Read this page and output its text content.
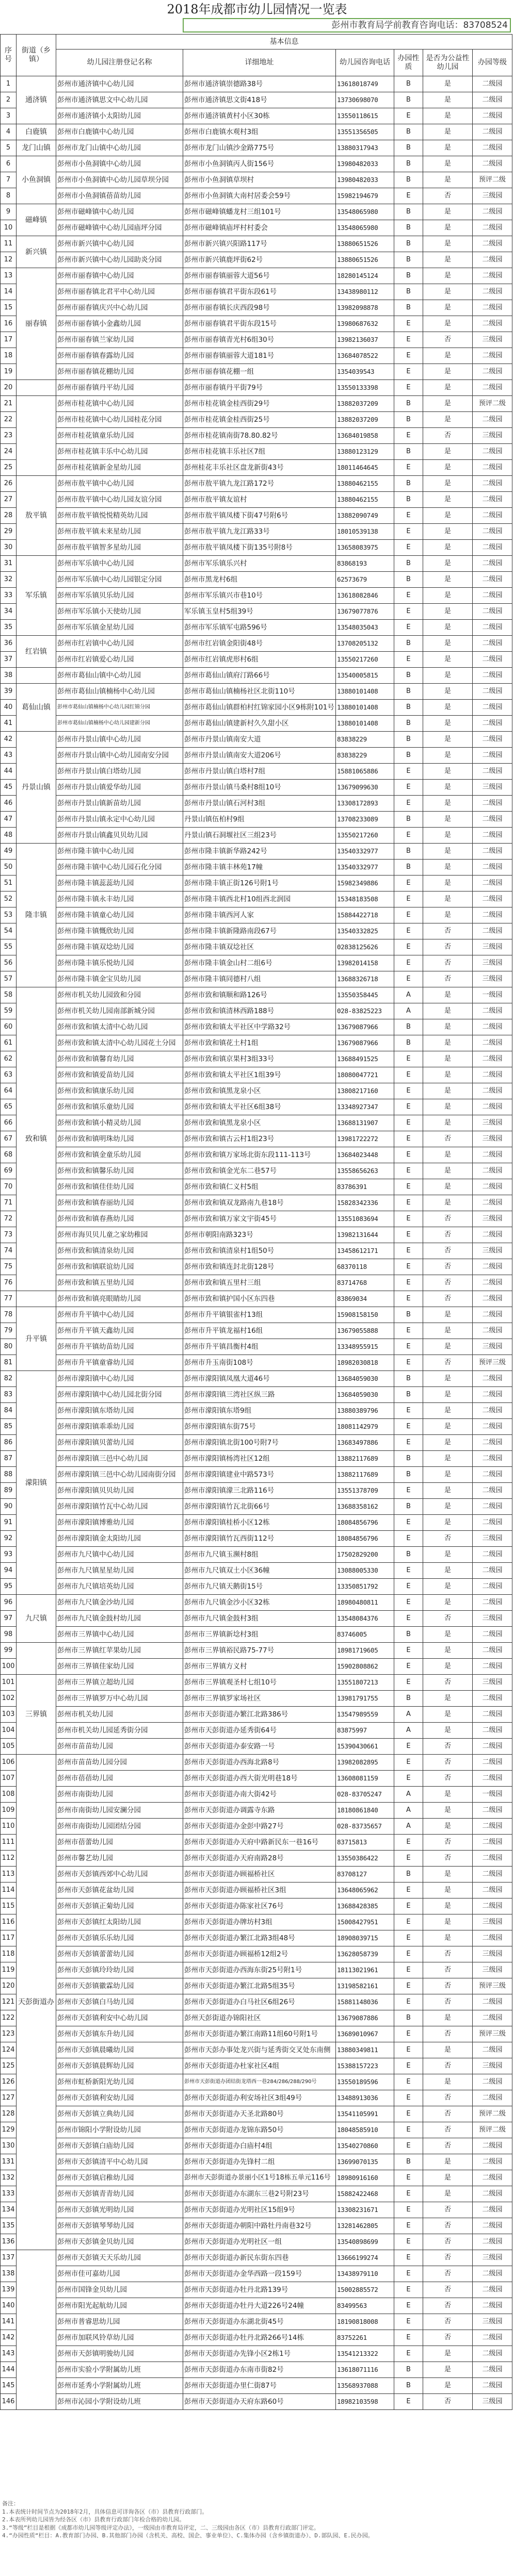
2018年成都市幼儿园情况一览表
彭州市教育局学前教育咨询电话：83708524
序号	街道（乡镇）	基本信息					
		幼儿园注册登记名称	详细地址	幼儿园咨询电话	办园性质	是否为公益性幼儿园	办园等级
1	通济镇	彭州市通济镇中心幼儿园	彭州市通济镇崇德路38号	13618018749	B	是	二级园
2		彭州市通济镇思文中心幼儿园	彭州市通济镇思文街418号	13730698070	B	是	二级园
3		彭州市通济镇小太阳幼儿园	彭州市通济镇黄村小区30栋	13550118615	E	是	二级园
4	白鹿镇	彭州市白鹿镇中心幼儿园	彭州市白鹿镇水观村3组	13551356505	B	是	二级园
5	龙门山镇	彭州市龙门山镇中心幼儿园	彭州市龙门山镇沙金路775号	13880317943	B	是	二级园
6	小鱼洞镇	彭州市小鱼洞镇中心幼儿园	彭州市小鱼洞镇丙人街156号	13980482033	B	是	二级园
7		彭州市小鱼洞镇中心幼儿园草坝分园	彭州市小鱼洞镇草坝村	13980482033	B	是	预评二级
8		彭州市小鱼洞镇蓓苗幼儿园	彭州市小鱼洞镇大南村居委会59号	15982194679	E	否	三级园
9	磁峰镇	彭州市磁峰镇中心幼儿园	彭州市磁峰镇蟠龙村三组101号	13548065980	B	是	二级园
10		彭州市磁峰镇中心幼儿园庙坪分园	彭州市磁峰镇庙坪村村委会	13548065980	B	是	二级园
11	新兴镇	彭州市新兴镇中心幼儿园	彭州市新兴镇兴阳路117号	13880651526	B	是	二级园
12		彭州市新兴镇中心幼儿园助炎分园	彭州市新兴镇鹿坪街62号	13880651526	B	是	二级园
13	丽春镇	彭州市丽春镇中心幼儿园	彭州市丽春镇丽蓉大道56号	18280145124	B	是	二级园
14		彭州市丽春镇北君平中心幼儿园	彭州市丽春镇君平街东段61号	13438980112	B	是	二级园
15		彭州市丽春镇庆兴中心幼儿园	彭州市丽春镇长庆西段98号	13982098878	B	是	二级园
16		彭州市丽春镇小金鑫幼儿园	彭州市丽春镇君平街东段15号	13980687632	E	是	二级园
17		彭州市丽春镇兰家幼儿园	彭州市丽春镇青光村6组30号	13982136037	E	否	三级园
18		彭州市丽春镇春露幼儿园	彭州市丽春镇丽蓉大道181号	13684078522	E	是	二级园
19		彭州市丽春镇花棚幼儿园	彭州市丽春镇花棚一组	1354039543	E	是	二级园
20		彭州市丽春镇丹平幼儿园	彭州市丽春镇丹平街79号	13550133398	E	是	二级园
21		彭州市桂花镇中心幼儿园	彭州市桂花镇金桂西街29号	13882037209	B	是	预评二级
22		彭州市桂花镇中心幼儿园桂花分园	彭州市桂花镇金桂西街25号	13882037209	B	是	二级园
23		彭州市桂花镇童乐幼儿园	彭州市桂花镇南街78.80.82号	13684019858	E	否	三级园
24		彭州市桂花镇丰乐中心幼儿园	彭州市桂花镇丰乐社区7组	13880123129	B	是	二级园
25		彭州市桂花镇新金星幼儿园	彭州桂花丰乐社区盘龙新街43号	18011464645	E	是	二级园
26	敖平镇	彭州市敖平镇中心幼儿园	彭州市敖平镇九龙江路172号	13880462155	B	是	二级园
27		彭州市敖平镇中心幼儿园友谊分园	彭州市敖平镇友谊村	13880462155	B	是	二级园
28		彭州市敖平镇悦悦精英幼儿园	彭州市敖平镇凤楼下街47号附6号	13882090749	E	是	二级园
29		彭州市敖平镇未来星幼儿园	彭州市敖平镇九龙江路33号	18010539138	E	是	二级园
30		彭州市敖平镇智多星幼儿园	彭州市敖平镇凤楼下街135号附8号	13658083975	E	是	二级园
31	军乐镇	彭州市军乐镇中心幼儿园	彭州市军乐镇乐兴村	83868193	B	是	二级园
32		彭州市军乐镇中心幼儿园银定分园	彭州市黑龙村6组	62573679	B	是	二级园
33		彭州市军乐镇贝乐幼儿园	彭州市军乐镇兴市巷10号	13618082846	E	是	二级园
34		彭州市军乐镇小天使幼儿园	军乐镇玉皇村5组39号	13679077876	E	是	二级园
35		彭州市军乐镇金星幼儿园	彭州市军乐镇军屯路596号	13548035043	E	是	二级园
36	红岩镇	彭州市红岩镇中心幼儿园	彭州市红岩镇金阳街48号	13708205132	B	是	二级园
37		彭州市红岩镇爱心幼儿园	彭州市红岩镇虎形村6组	13550217260	E	是	二级园
38		彭州市葛仙山镇中心幼儿园	彭州市葛仙山镇府汀路66号	13540005815	B	是	二级园
39	葛仙山镇	彭州市葛仙山镇楠杨中心幼儿园	彭州市葛仙山镇楠杨社区北街110号	13880101408	B	是	二级园
40		彭州市葛仙山镇楠杨中心幼儿园红锦分园	彭州市葛仙山镇群柏村红锦家园小区9栋附101号	13880101408	B	是	二级园
41		彭州市葛仙山镇楠杨中心幼儿园建新分园	彭州市葛仙山镇建新村久久甜小区	13880101408	B	是	二级园
42	丹景山镇	彭州市丹景山镇中心幼儿园	彭州市丹景山镇南安大道	83838229	B	是	二级园
43		彭州市丹景山镇中心幼儿园南安分园	彭州市丹景山镇南安大道206号	83838229	B	是	二级园
44		彭州市丹景山镇白塔幼儿园	彭州市丹景山镇白塔村7组	15881065886	E	是	二级园
45		彭州市丹景山镇爱华幼儿园	彭州市丹景山镇马桑村8组10号	13679099630	E	是	三级园
46		彭州市丹景山镇新苗幼儿园	彭州市丹景山镇石河村3组	13308172893	E	是	二级园
47		彭州市丹景山镇永定中心幼儿园	丹景山镇伍柏村9组	13708233089	B	是	二级园
48		彭州市丹景山镇鑫贝贝幼儿园	丹景山镇石洞堰社区三组23号	13550217260	E	是	二级园
49	隆丰镇	彭州市隆丰镇中心幼儿园	彭州市隆丰镇新华路242号	13540332977	B	是	二级园
50		彭州市隆丰镇中心幼儿园石化分园	彭州市隆丰镇丰林苑17幢	13540332977	B	是	二级园
51		彭州市隆丰镇蕊蕊幼儿园	彭州市隆丰镇正街126号附1号	15982349886	E	是	二级园
52		彭州市隆丰镇永丰幼儿园	彭州市隆丰镇西北村10组西北润园	15348183508	E	是	二级园
53		彭州市隆丰镇童心幼儿园	彭州市隆丰镇西河人家	15884422718	E	是	二级园
54		彭州市隆丰镇慨欣幼儿园	彭州市隆丰镇新隆路南段67号	13540332825	E	否	二级园
55		彭州市隆丰镇双埝幼儿园	彭州市隆丰镇双埝社区	02838125626	E	否	三级园
56		彭州市隆丰镇乐悦幼儿园	彭州市隆丰镇金山村二组6号	13982014158	E	否	三级园
57		彭州市隆丰镇金宝贝幼儿园	彭州市隆丰镇同德村八组	13688326718	E	否	三级园
58	致和镇	彭州市机关幼儿园致和分园	彭州市致和镇顺和路126号	13550358445	A	是	一级园
59		彭州市机关幼儿园南部新城分园	彭州市致和镇清林西路188号	028-83825223	A	是	二级园
60		彭州市致和镇太清中心幼儿园	彭州市致和镇太平社区中学路32号	13679087966	B	是	二级园
61		彭州市致和镇太清中心幼儿园花土分园	彭州市致和镇花土村1组	13679087966	B	是	二级园
62		彭州市致和镇馨育幼儿园	彭州市致和镇京果村3组33号	13688491525	E	是	二级园
63		彭州市致和镇爱苗幼儿园	彭州市致和镇太平社区1组39号	18080047721	E	是	二级园
64		彭州市致和镇康乐幼儿园	彭州市致和镇黑龙泉小区	13808217160	E	是	二级园
65		彭州市致和镇乐童幼儿园	彭州市致和镇太平社区6组38号	13348927347	E	是	二级园
66		彭州市致和镇小精灵幼儿园	彭州市致和镇黑龙泉小区	13688131907	E	是	三级园
67		彭州市致和镇明珠幼儿园	彭州市致和镇古云村1组23号	13981722272	E	否	三级园
68		彭州市致和镇金童乐幼儿园	彭州市致和镇万家场北街东段111-113号	13684023448	E	是	二级园
69		彭州市致和镇馨乐幼儿园	彭州市致和镇金光东二巷57号	13558656263	E	是	二级园
70		彭州市致和镇佳佳幼儿园	彭州市致和镇仁义村5组	83786391	E	是	二级园
71		彭州市致和镇春丽幼儿园	彭州市致和镇双龙路南九巷18号	15828342336	E	是	二级园
72		彭州市致和镇春燕幼儿园	彭州市致和镇万家文宇街45号	13551083694	E	否	三级园
73		彭州市海贝贝儿童之家幼稚园	彭州市朝阳南路323号	13982131644	E	否	二级园
74		彭州市致和镇清泉幼儿园	彭州市致和镇清泉村1组50号	13458612171	E	否	三级园
75		彭州市致和镇联谊幼儿园	彭州市致和镇连封北街128号	68370118	E	否	二级园
76		彭州市致和镇五里幼儿园	彭州市致和镇五里村三组	83714768	E	否	二级园
77		彭州市致和镇亮眼睛幼儿园	彭州市致和镇护国小区东四巷	83869034	E	否	二级园
78	升平镇	彭州市升平镇中心幼儿园	彭州市升平镇银雀村13组	15908158150	B	是	二级园
79		彭州市升平镇天鑫幼儿园	彭州市升平镇龙福村16组	13679055888	E	是	二级园
80		彭州市升平镇幼苗幼儿园	彭州市升平镇昌衡村4组	13348955915	E	是	三级园
81		彭州市升平镇童睿幼儿园	彭州市升玉南街108号	18982030818	E	否	预评三级
82	濛阳镇	彭州市濛阳镇中心幼儿园	彭州市濛阳镇凤凰大道46号	13684059030	B	是	二级园
83		彭州市濛阳镇中心幼儿园北街分园	彭州市濛阳镇三湾社区纵三路	13684059030	B	是	二级园
84		彭州市濛阳镇东塔幼儿园	彭州市濛阳镇东塔9组	13880389796	E	是	二级园
85		彭州市濛阳镇乖乖幼儿园	彭州市濛阳镇东街75号	18081142979	E	是	二级园
86		彭州市濛阳镇贝蕾幼儿园	彭州市濛阳镇北街100号附7号	13683497886	E	是	二级园
87		彭州市濛阳镇三邑中心幼儿园	彭州市濛阳镇杨湾社区12组	13882117689	B	是	二级园
88		彭州市濛阳镇三邑中心幼儿园南街分园	彭州市濛阳镇建业中路573号	13882117689	B	是	二级园
89		彭州市濛阳镇贝贝幼儿园	彭州市濛阳镇濛三北路116号	13551378709	E	是	二级园
90		彭州市濛阳镇竹瓦中心幼儿园	彭州市濛阳镇竹瓦北街66号	13688358162	B	是	二级园
91		彭州市濛阳镇博雅幼儿园	彭州市濛阳镇桂桥小区12栋	18084856796	E	是	二级园
92		彭州市濛阳镇金太阳幼儿园	彭州市濛阳镇竹瓦西街112号	18084856796	E	否	三级园
93		彭州市九尺镇中心幼儿园	彭州市九尺镇玉濒村8组	17502829200	B	是	二级园
94		彭州市九尺镇星星幼儿园	彭州市九尺镇双土小区36幢	13088005330	E	是	二级园
95		彭州市九尺镇培英幼儿园	彭州市九尺镇天鹅街15号	13350851792	E	是	二级园
96	九尺镇	彭州市九尺镇金沙幼儿园	彭州市九尺镇金沙小区32栋	18980480811	E	是	二级园
97		彭州市九尺镇金鼓村幼儿园	彭州市九尺镇金鼓村3组	13548084376	E	否	三级园
98		彭州市三界镇中心幼儿园	彭州市三界镇新埝村3组	83746005	B	是	二级园
99		彭州市三界镇红苹果幼儿园	彭州市三界镇裕民路75-77号	18981719605	E	是	二级园
100		彭州市三界镇佳家幼儿园	彭州市三界镇方义村	15902808862	E	是	二级园
101	三界镇	彭州市三界镇立超幼儿园	彭州市三界镇观圣村七组10号	13551807213	E	否	三级园
102		彭州市三界镇罗万中心幼儿园	彭州市三界镇罗家场社区	13981791755	B	是	二级园
103		彭州市机关幼儿园	彭州市天彭街道办繁江北路386号	13547989559	A	是	二级园
104		彭州市机关幼儿园延秀街分园	彭州市天彭街道办延秀街64号	83875997	A	是	二级园
105		彭州市苗苗幼儿园	彭州市天彭街道办泰安路一号	15390430661	E	否	二级园
106	天彭街道办	彭州市苗苗幼儿园分园	彭州市天彭街道办西海北路8号	13982082895	E	否	二级园
107		彭州市蓓蓓幼儿园	彭州市天彭街道办西大街光明巷18号	13608081159	E	否	二级园
108		彭州市南街幼儿园	彭州市天彭街道办南大街42号	028-83705247	A	是	一级园
109		彭州市南街幼儿园安澜分园	彭州市天彭街道办调露寺东路	18180861840	A	是	二级园
110		彭州市南街幼儿园团结分园	彭州市天彭街道办金彭中路27号	028-83735657	A	是	二级园
111		彭州市蓓蕾幼儿园	彭州市天彭街道办天府中路新民东一巷16号	83715813	E	否	二级园
112		彭州市馨艺幼儿园	彭州市天彭街道办天府南路28号	13550386422	E	否	二级园
113		彭州市天彭镇西郊中心幼儿园	彭州市天彭街道办顾福桥社区	83708127	B	是	二级园
114		彭州市天彭镇花盆幼儿园	彭州市天彭街道办顾福桥社区3组	13648065962	E	是	二级园
115		彭州市天彭镇正菊幼儿园	彭州市天彭街道办陈家社区76号	13688428385	E	是	二级园
116		彭州市天彭镇红太阳幼儿园	彭州市天彭街道办牌坊村3组	15008427951	E	是	三级园
117		彭州市天彭镇乐乐幼儿园	彭州市天彭街道办繁江北路3组48号	18908039715	E	是	二级园
118		彭州市天彭镇蕾蕾幼儿园	彭州市天彭街道办顾福桥12组2号	13628058739	E	否	三级园
119		彭州市天彭镇玲玲幼儿园	彭州市天彭街道办西海东街25号附1号	18113021961	E	否	三级园
120		彭州市天彭镇徽霖幼儿园	彭州市天彭街道办繁江北路5组35号	13198582161	E	否	预评三级
121		彭州市天彭镇白马幼儿园	彭州市天彭街道办白马社区6组26号	15881148036	E	否	二级园
122		彭州市天彭镇利安中心幼儿园	彭州天彭街道办锦阳社区	13679087886	B	是	二级园
123		彭州市天彭镇东升幼儿园	彭州市天彭街道办繁江南路11组60号附1号	13689010967	E	否	预评三级
124		彭州市天彭镇晨曦幼儿园	彭州市天彭办事处龙兴街与延秀街交叉处东南侧	13880349811	E	是	二级园
125		彭州市天彭镇晨辉幼儿园	彭州市天彭街道办杜家社区4组	15388157223	E	否	三级园
126		彭州市虹桥新阳光幼儿园	彭州市天彭街道办团结街龙塔西一巷284/286/288/290号	13550189596	E	是	二级园
127		彭州市天彭镇利安幼儿园	彭州市天彭街道办利安场社区3组49号	13488913036	E	否	二级园
128		彭州市天彭镇立典幼儿园	彭州市天彭街道办天圣北路80号	13541105991	E	否	预评二级
129		彭州市锦阳小学附设幼儿园	彭州市天彭街道办龙锦东路50号	18048585910	E	否	预评二级
130		彭州市天彭镇白庙幼儿园	彭州市天彭街道办白庙村4组	13540270860	E	否	二级园
131		彭州市天彭镇清平中心幼儿园	彭州市天彭街道办先锋村二组	13699070135	B	是	二级园
132		彭州市天彭镇启稚幼儿园	彭州市天彭街道办景丽小区1号18栋五单元116号	18980916160	E	是	二级园
133		彭州市天彭镇青青幼儿园	彭州市天彭街道办东湖东三巷2号附23号	15882422468	E	是	二级园
134		彭州市天彭镇光明幼儿园	彭州市天彭街道办光明社区15组9号	13308231671	E	否	二级园
135		彭州市天彭镇琴琴幼儿园	彭州市天彭街道办朝阳中路牡丹南巷32号	13281462805	E	否	二级园
136		彭州市天彭镇金贝幼儿园	彭州市天彭街道办光明社区一组	13540898699	E	否	二级园
137		彭州市天彭镇天天乐幼儿园	彭州市天彭街道办新民东街东四巷	13666199274	E	否	三级园
138		彭州市佳可嘉幼儿园	彭州市天彭街道办金华西路一段159号	13438979110	E	否	二级园
139		彭州市国锋金贝幼儿园	彭州市天彭街道办牡丹北路139号	15002885572	E	否	二级园
140		彭州市阳光起航幼儿园	彭州市天彭街道办牡丹大道226号24幢	83499563	E	否	二级园
141		彭州市普睿思幼儿园	彭州市天彭街道办东湖北街45号	18190818008	E	否	三级园
142		彭州市加联风铃草幼儿园	彭州市天彭街道办牡丹北路266号14栋	83752261	E	否	二级园
143		彭州市天彭镇明骏幼儿园	彭州市天彭街道办先锋小区2栋1号	13541213322	E	是	二级园
144		彭州市实验小学附属幼儿班	彭州市天彭街道办东南市街82号	13618071116	B	是	二级园
145		彭州市延秀小学附属幼儿班	彭州市天彭街道办里仁街87号	13568937088	B	是	二级园
146		彭州市沁园小学附设幼儿班	彭州市天彭街道办天府东路60号	18982103598	E	否	三级园
备注：
1.本表统计时间节点为2018年2月，具体信息可详询各区（市）县教育行政部门。
2.本表所列幼儿园皆为经各区（市）县教育行政部门年检合格的幼儿园。
3.“等级”栏目是根据《成都市幼儿园等级评定办法》，一级园由市教育局评定，二、三级园由各区（市）县教育行政部门评定。
4.“办园性质“栏目：A.教育部门办园、B.其他部门办园（含机关、高校、国企、事业单位）、C.集体办园（含乡镇街道办）、D.部队园、E.民办园。
